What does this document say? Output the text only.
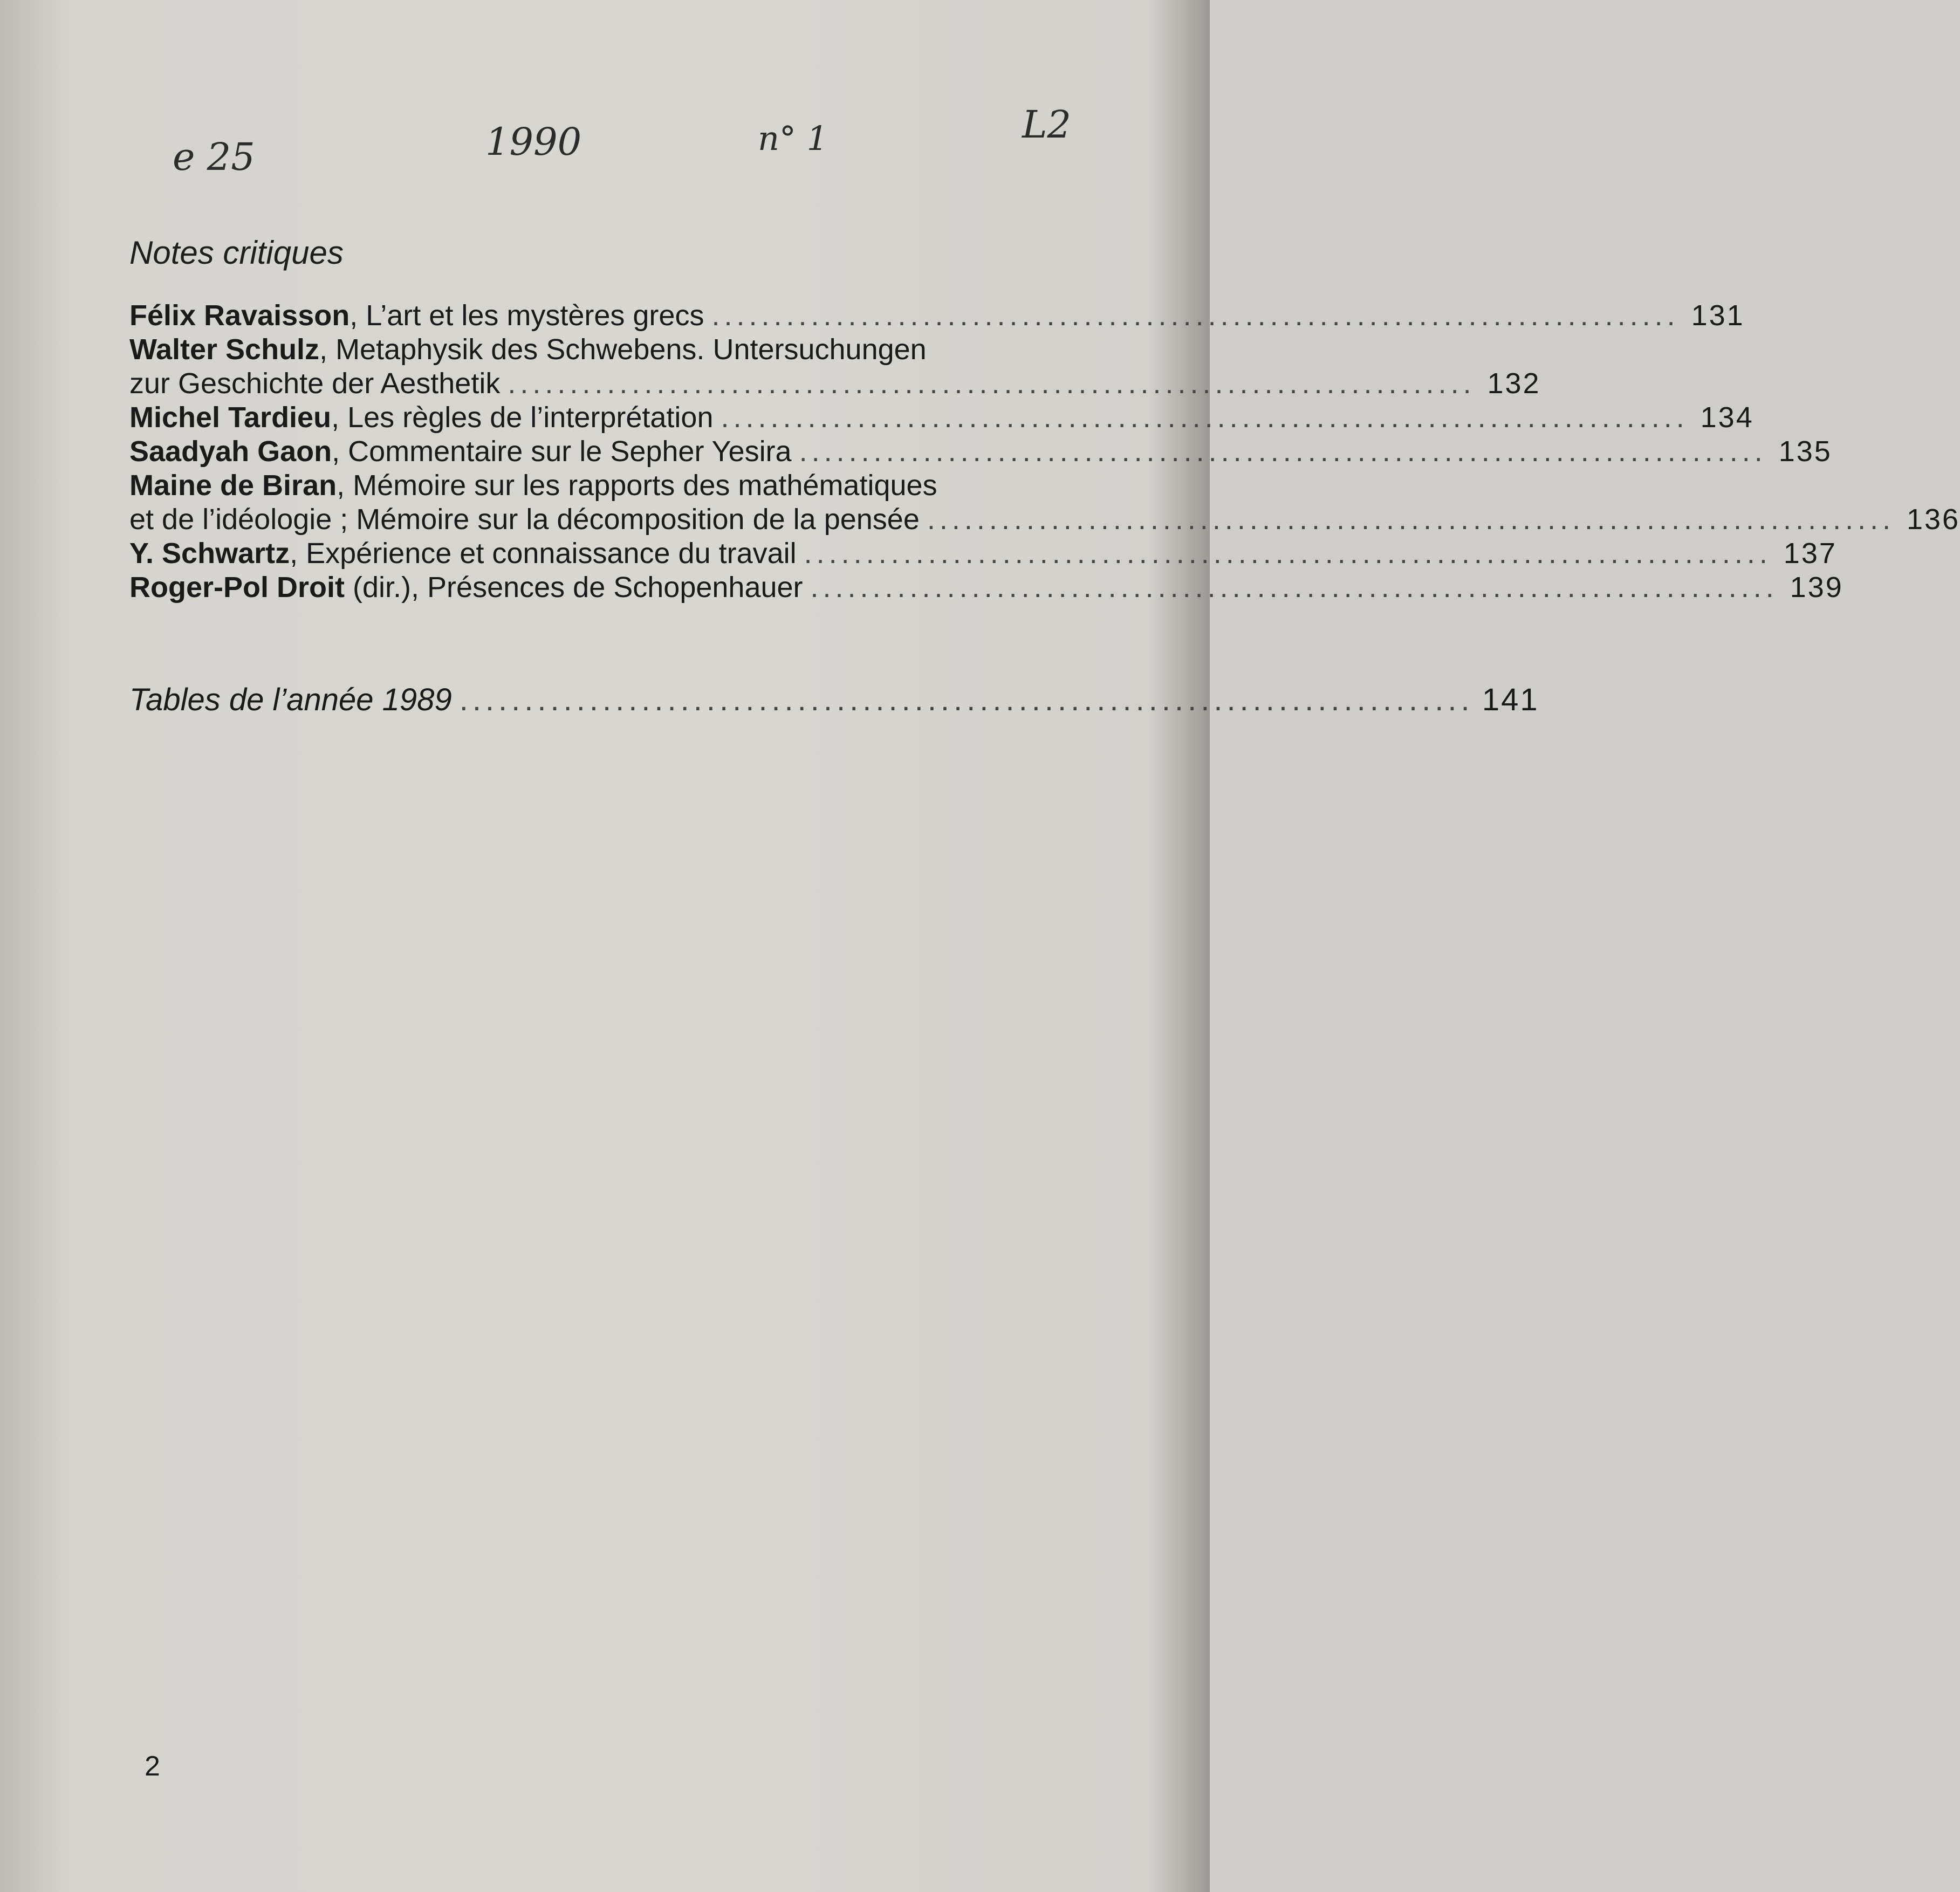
e 25	1990	n° 1	L2
Notes critiques
Félix Ravaisson, L’art et les mystères grecs .............................................................................. 131
Walter Schulz, Metaphysik des Schwebens. Untersuchungen
zur Geschichte der Aesthetik .............................................................................. 132
Michel Tardieu, Les règles de l’interprétation .............................................................................. 134
Saadyah Gaon, Commentaire sur le Sepher Yesira .............................................................................. 135
Maine de Biran, Mémoire sur les rapports des mathématiques
et de l’idéologie ; Mémoire sur la décomposition de la pensée .............................................................................. 136
Y. Schwartz, Expérience et connaissance du travail .............................................................................. 137
Roger-Pol Droit (dir.), Présences de Schopenhauer .............................................................................. 139
Tables de l’année 1989 .............................................................................. 141
2
